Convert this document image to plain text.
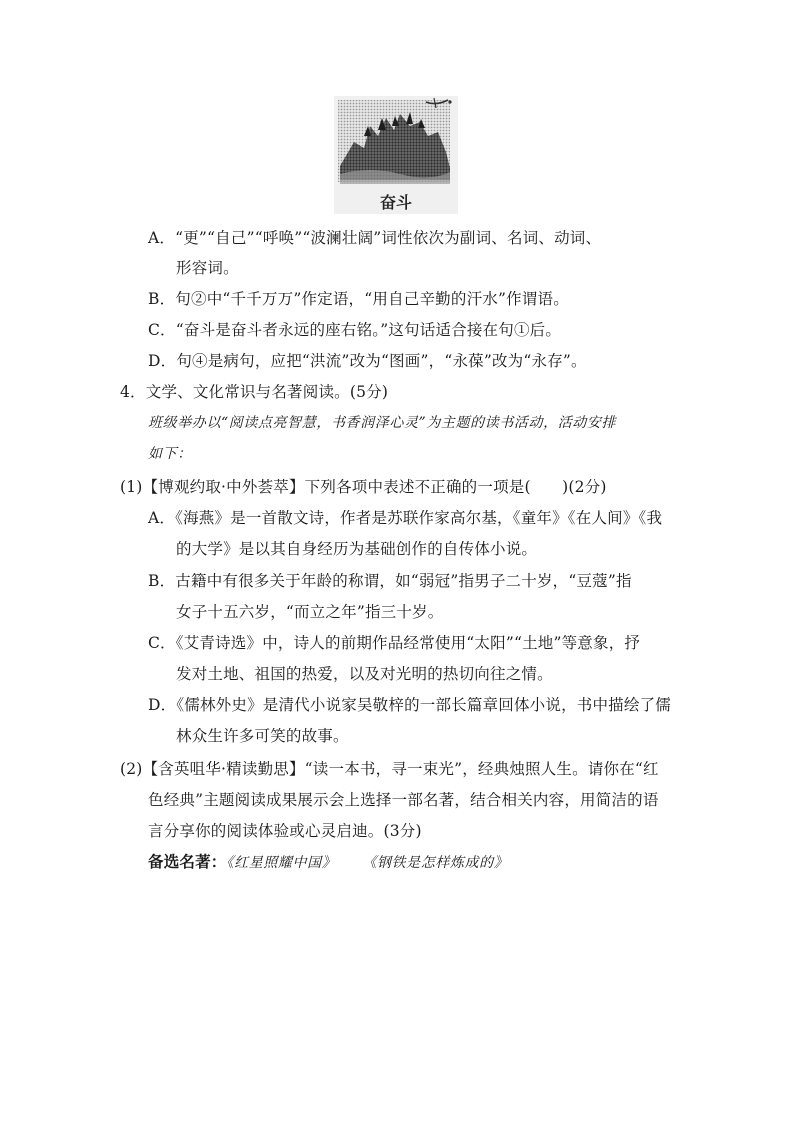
奋斗
A．“更”“自己”“呼唤”“波澜壮阔”词性依次为副词、名词、动词、
形容词。
B．句②中“千千万万”作定语，“用自己辛勤的汗水”作谓语。
C．“奋斗是奋斗者永远的座右铭。”这句话适合接在句①后。
D．句④是病句，应把“洪流”改为“图画”，“永葆”改为“永存”。
4．文学、文化常识与名著阅读。(5分)
班级举办以“阅读点亮智慧，书香润泽心灵”为主题的读书活动，活动安排
如下：
(1)【博观约取·中外荟萃】下列各项中表述不正确的一项是(　　)(2分)
A．《海燕》是一首散文诗，作者是苏联作家高尔基，《童年》《在人间》《我
的大学》是以其自身经历为基础创作的自传体小说。
B．古籍中有很多关于年龄的称谓，如“弱冠”指男子二十岁，“豆蔻”指
女子十五六岁，“而立之年”指三十岁。
C．《艾青诗选》中，诗人的前期作品经常使用“太阳”“土地”等意象，抒
发对土地、祖国的热爱，以及对光明的热切向往之情。
D．《儒林外史》是清代小说家吴敬梓的一部长篇章回体小说，书中描绘了儒
林众生许多可笑的故事。
(2)【含英咀华·精读勤思】“读一本书，寻一束光”，经典烛照人生。请你在“红
色经典”主题阅读成果展示会上选择一部名著，结合相关内容，用简洁的语
言分享你的阅读体验或心灵启迪。(3分)
备选名著：《红星照耀中国》 《钢铁是怎样炼成的》
